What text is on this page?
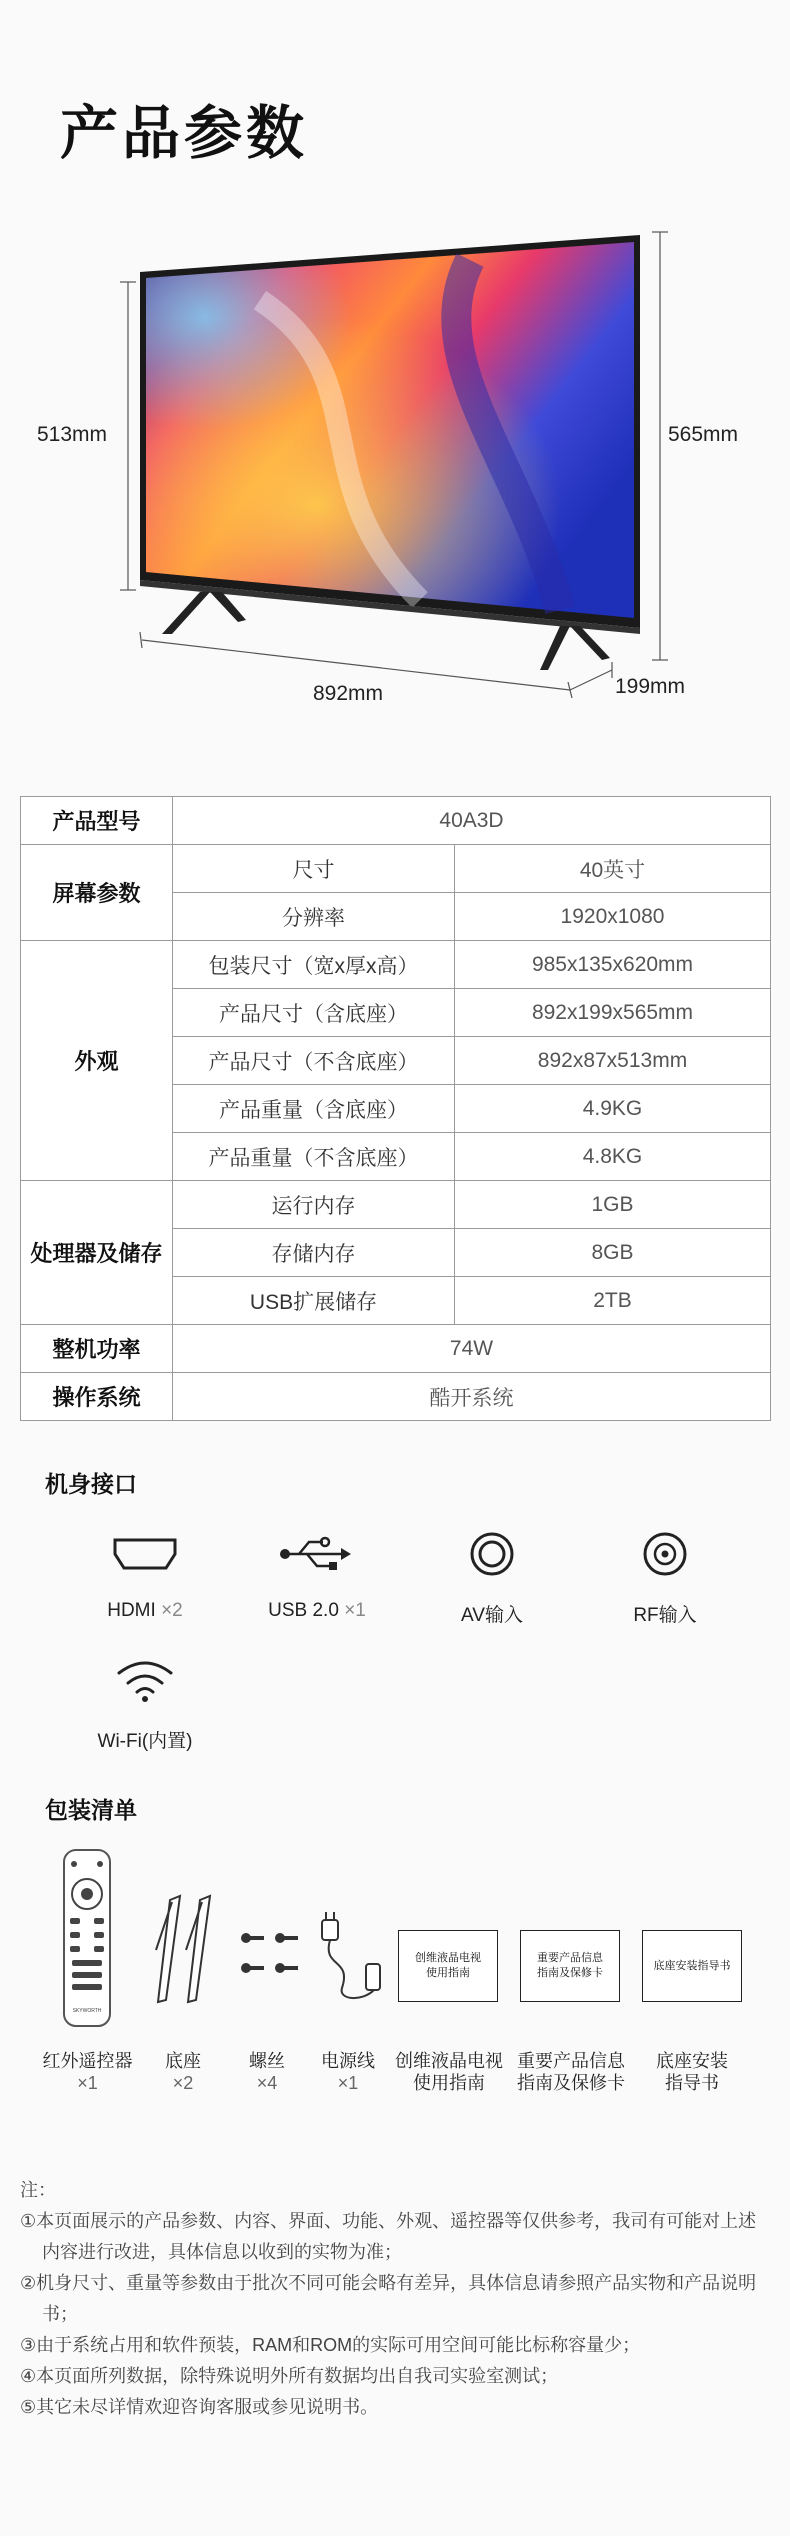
产品参数
513mm	565mm
892mm	199mm
产品型号	40A3D	
屏幕参数	尺寸	40英寸
	分辨率	1920x1080
外观	包装尺寸（宽x厚x高）	985x135x620mm
	产品尺寸（含底座）	892x199x565mm
	产品尺寸（不含底座）	892x87x513mm
	产品重量（含底座）	4.9KG
	产品重量（不含底座）	4.8KG
处理器及储存	运行内存	1GB
	存储内存	8GB
	USB扩展储存	2TB
整机功率	74W	
操作系统	酷开系统	
机身接口
HDMI ×2	USB 2.0 ×1	AV输入	RF输入
Wi-Fi(内置)
包装清单
SKYWORTH
创维液晶电视
使用指南
重要产品信息
指南及保修卡
底座安装指导书
红外遥控器
×1
底座
×2
螺丝
×4
电源线
×1
创维液晶电视
使用指南
重要产品信息
指南及保修卡
底座安装
指导书
注：
①本页面展示的产品参数、内容、界面、功能、外观、遥控器等仅供参考，我司有可能对上述内容进行改进，具体信息以收到的实物为准；
②机身尺寸、重量等参数由于批次不同可能会略有差异，具体信息请参照产品实物和产品说明书；
③由于系统占用和软件预装，RAM和ROM的实际可用空间可能比标称容量少；
④本页面所列数据，除特殊说明外所有数据均出自我司实验室测试；
⑤其它未尽详情欢迎咨询客服或参见说明书。
